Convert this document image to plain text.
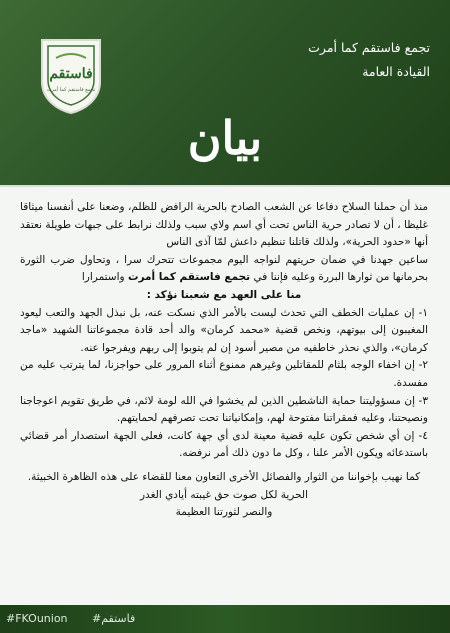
فاستقم
تجمع فاستقم كما أمرت
تجمع فاستقم كما أمرت
القيادة العامة
بيان

منذ أن حملنا السلاح دفاعا عن الشعب الصادح بالحرية الرافض للظلم، وضعنا على أنفسنا ميثاقا غليظا ، أن لا تصادر حرية الناس تحت أي اسم ولاي سبب ولذلك نرابط على جبهات طويلة نعتقد أنها «حدود الحرية»، ولذلك قاتلنا تنظيم داعش لمّا آذى الناس

ساعين جهدنا في ضمان حريتهم لنواجه اليوم مجموعات تتحرك سرا ، وتحاول ضرب الثورة بحرمانها من ثوارها البررة وعليه فإننا في تجمع فاستقم كما أمرت واستمرارا

منا على العهد مع شعبنا نؤكد :

١- إن عمليات الخطف التي تحدث ليست بالأمر الذي نسكت عنه، بل نبذل الجهد والتعب ليعود المغيبون إلى بيوتهم، ونخص قضية «محمد كرمان» والد أحد قادة مجموعاتنا الشهيد «ماجد كرمان»، والذي نحذر خاطفيه من مصير أسود إن لم يتوبوا إلى ربهم ويفرجوا عنه.

٢- إن اخفاء الوجه بلثام للمقاتلين وغيرهم ممنوع أثناء المرور على حواجزنا، لما يترتب عليه من مفسدة.

٣- إن مسؤوليتنا حماية الناشطين الذين لم يخشوا في الله لومة لائم، في طريق تقويم اعوجاجنا ونصيحتنا، وعليه فمقراتنا مفتوحة لهم، وإمكانياتنا تحت تصرفهم لحمايتهم.

٤- إن أي شخص تكون عليه قضية معينة لدى أي جهة كانت، فعلى الجهة استصدار أمر قضائي باستدعائه ويكون الأمر علنا ، وكل ما دون ذلك أمر نرفضه.

كما نهيب بإخواننا من الثوار والفصائل الأخرى التعاون معنا للقضاء على هذه الظاهرة الخبيثة.

الحرية لكل صوت حق غيبته أيادي الغدر

والنصر لثورتنا العظيمة

#FKOunion #فاستقم
